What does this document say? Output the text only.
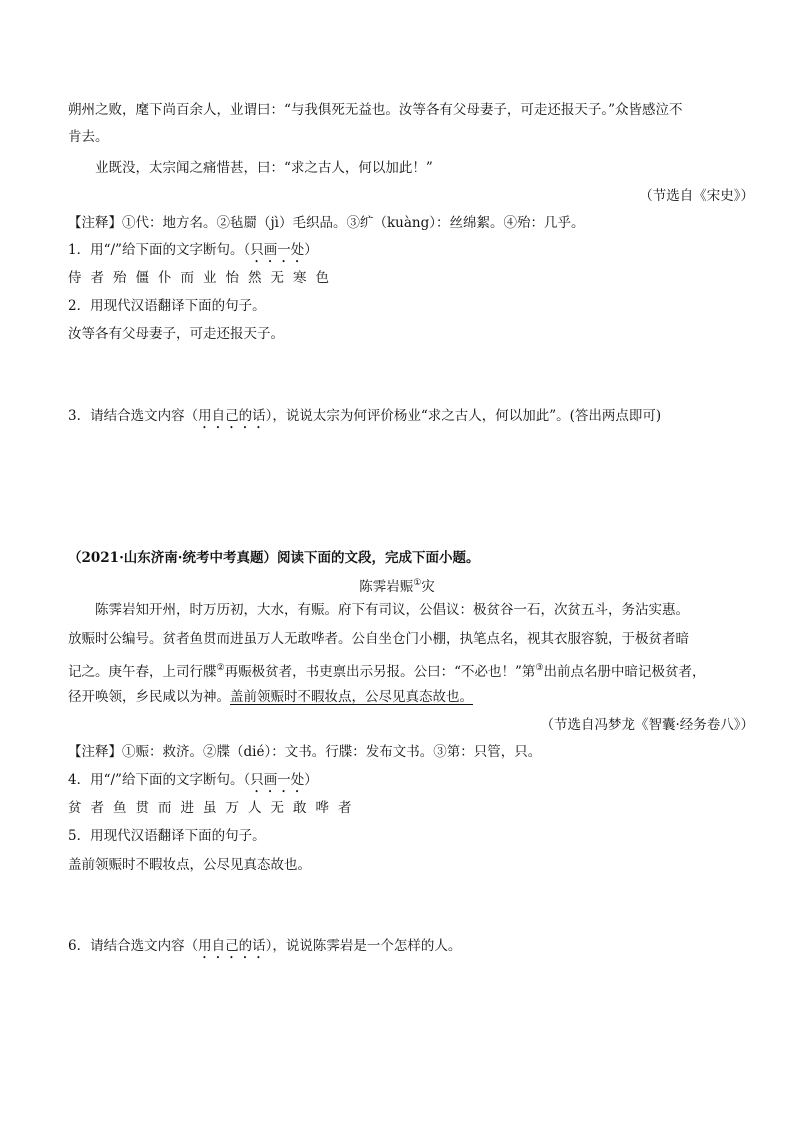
朔州之败，麾下尚百余人，业谓曰：“与我俱死无益也。汝等各有父母妻子，可走还报天子。”众皆感泣不
肯去。
业既没，太宗闻之痛惜甚，曰：“求之古人，何以加此！”
（节选自《宋史》）
【注释】①代：地方名。②毡罽（jì）毛织品。③纩（kuàng）：丝绵絮。④殆：几乎。
1．用“/”给下面的文字断句。（只画一处）
侍者殆僵仆而业怡然无寒色
2．用现代汉语翻译下面的句子。
汝等各有父母妻子，可走还报天子。
3．请结合选文内容（用自己的话），说说太宗为何评价杨业“求之古人，何以加此”。(答出两点即可)
（2021·山东济南·统考中考真题）阅读下面的文段，完成下面小题。
陈霁岩赈①灾
陈霁岩知开州，时万历初，大水，有赈。府下有司议，公倡议：极贫谷一石，次贫五斗，务沾实惠。
放赈时公编号。贫者鱼贯而进虽万人无敢哗者。公自坐仓门小棚，执笔点名，视其衣服容貌，于极贫者暗
记之。庚午春，上司行牒②再赈极贫者，书吏禀出示另报。公曰：“不必也！”第③出前点名册中暗记极贫者，
径开唤领，乡民咸以为神。盖前领赈时不暇妆点，公尽见真态故也。
（节选自冯梦龙《智囊·经务卷八》）
【注释】①赈：救济。②牒（dié）：文书。行牒：发布文书。③第：只管，只。
4．用“/”给下面的文字断句。（只画一处）
贫者鱼贯而进虽万人无敢哗者
5．用现代汉语翻译下面的句子。
盖前领赈时不暇妆点，公尽见真态故也。
6．请结合选文内容（用自己的话），说说陈霁岩是一个怎样的人。
